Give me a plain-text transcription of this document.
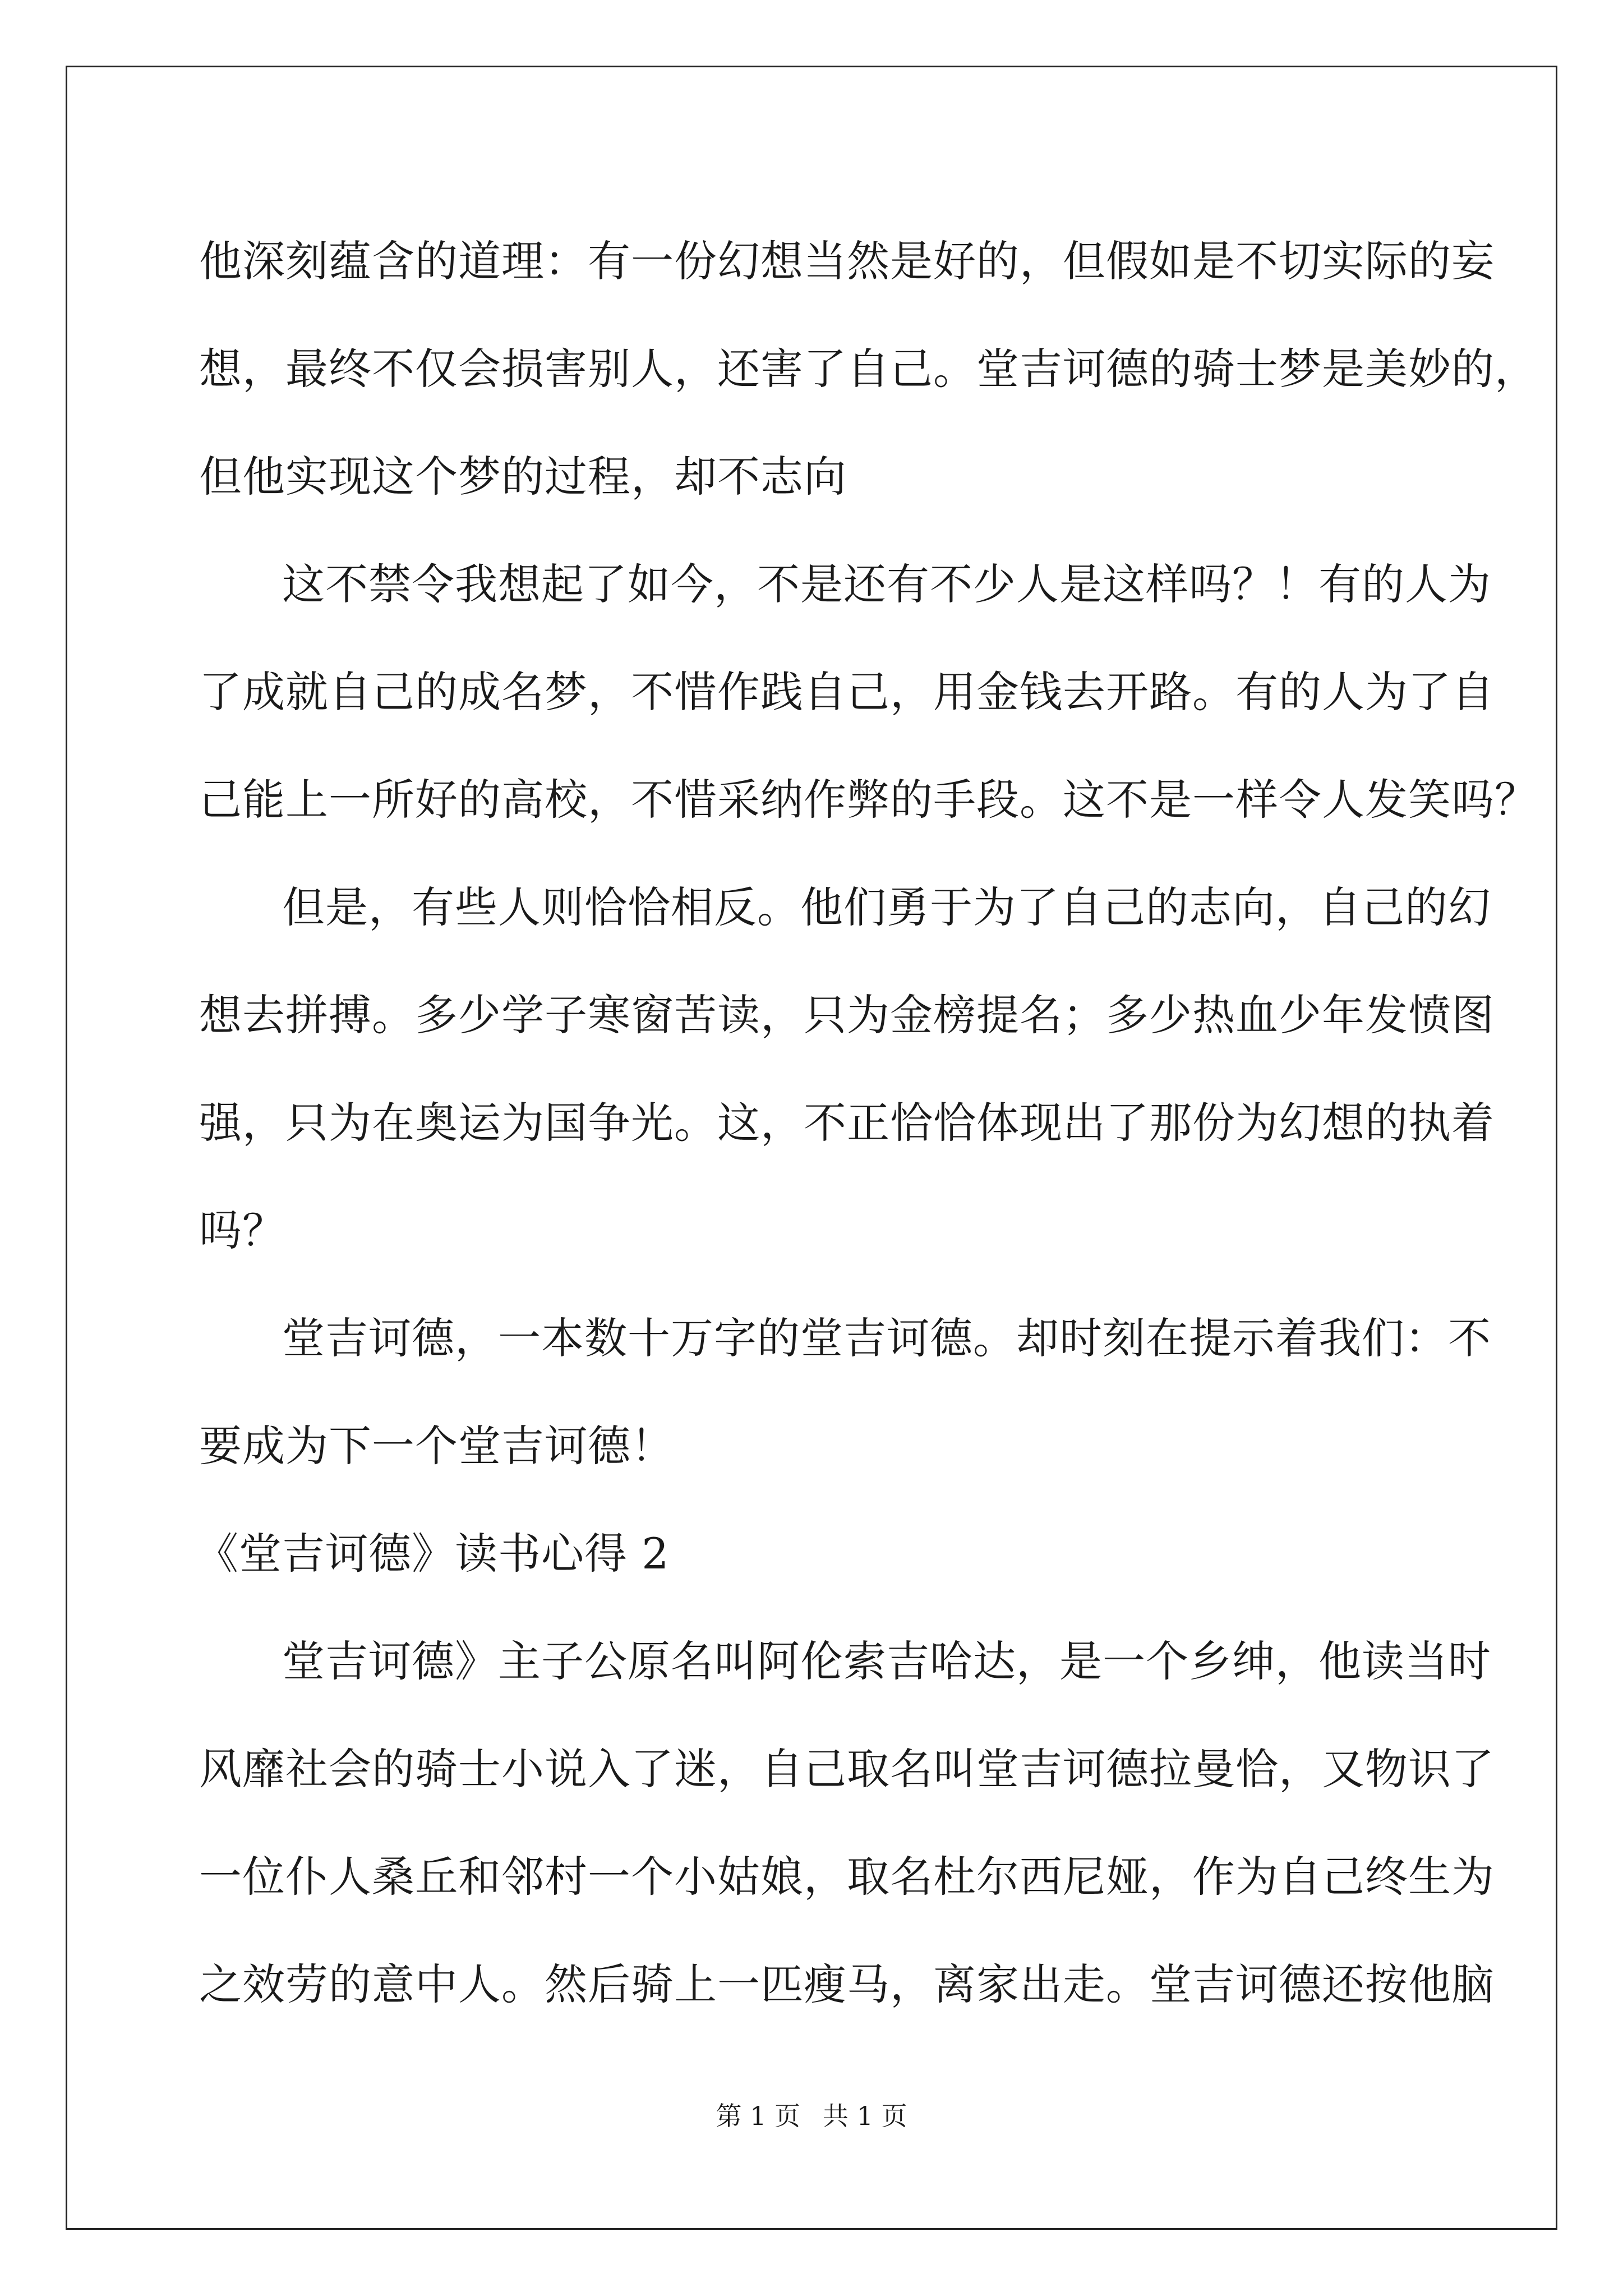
他深刻蕴含的道理：有一份幻想当然是好的，但假如是不切实际的妄

想，最终不仅会损害别人，还害了自己。堂吉诃德的骑士梦是美妙的，

但他实现这个梦的过程，却不志向

这不禁令我想起了如今，不是还有不少人是这样吗？！有的人为

了成就自己的成名梦，不惜作践自己，用金钱去开路。有的人为了自

己能上一所好的高校，不惜采纳作弊的手段。这不是一样令人发笑吗？

但是，有些人则恰恰相反。他们勇于为了自己的志向，自己的幻

想去拼搏。多少学子寒窗苦读，只为金榜提名；多少热血少年发愤图

强，只为在奥运为国争光。这，不正恰恰体现出了那份为幻想的执着

吗？

堂吉诃德，一本数十万字的堂吉诃德。却时刻在提示着我们：不

要成为下一个堂吉诃德！

《堂吉诃德》读书心得 2

堂吉诃德》主子公原名叫阿伦索吉哈达，是一个乡绅，他读当时

风靡社会的骑士小说入了迷，自己取名叫堂吉诃德拉曼恰，又物识了

一位仆人桑丘和邻村一个小姑娘，取名杜尔西尼娅，作为自己终生为

之效劳的意中人。然后骑上一匹瘦马，离家出走。堂吉诃德还按他脑

第 1 页 共 1 页
